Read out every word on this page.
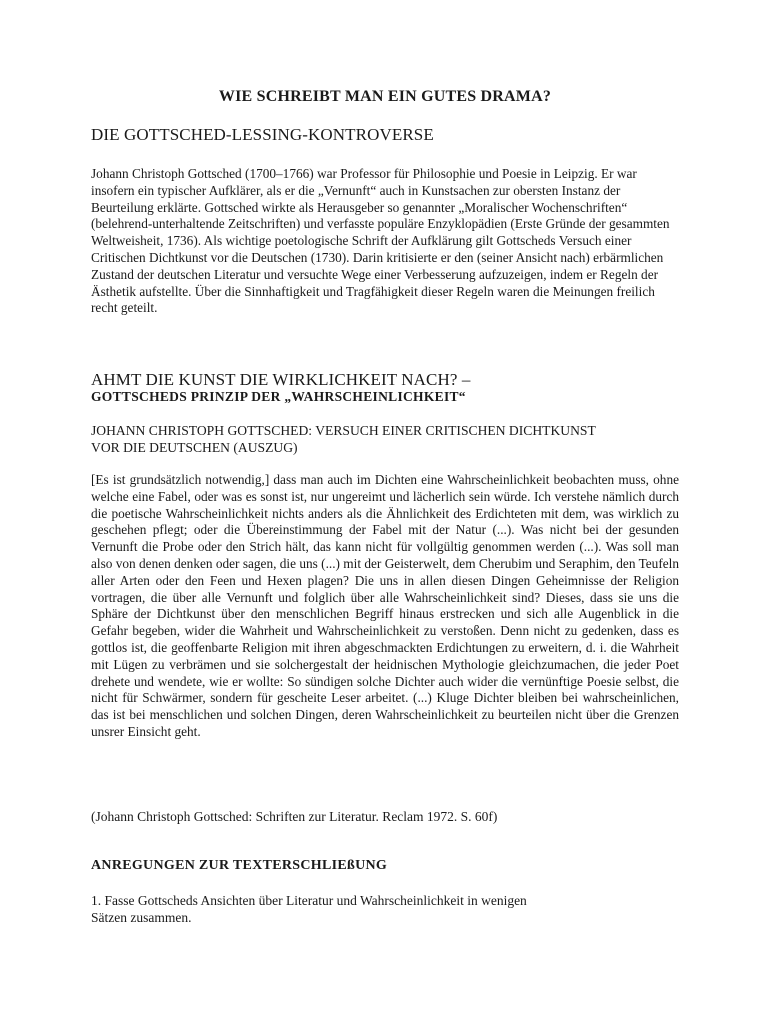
WIE SCHREIBT MAN EIN GUTES DRAMA?
DIE GOTTSCHED-LESSING-KONTROVERSE

Johann Christoph Gottsched (1700–1766) war Professor für Philosophie und Poesie in Leipzig. Er war insofern ein typischer Aufklärer, als er die „Vernunft“ auch in Kunstsachen zur obersten Instanz der Beurteilung erklärte. Gottsched wirkte als Herausgeber so genannter „Moralischer Wochenschriften“ (belehrend-unterhaltende Zeitschriften) und verfasste populäre Enzyklopädien (Erste Gründe der gesammten Weltweisheit, 1736). Als wichtige poetologische Schrift der Aufklärung gilt Gottscheds Versuch einer Critischen Dichtkunst vor die Deutschen (1730). Darin kritisierte er den (seiner Ansicht nach) erbärmlichen Zustand der deutschen Literatur und versuchte Wege einer Verbesserung aufzuzeigen, indem er Regeln der Ästhetik aufstellte. Über die Sinnhaftigkeit und Tragfähigkeit dieser Regeln waren die Meinungen freilich recht geteilt.

AHMT DIE KUNST DIE WIRKLICHKEIT NACH? –
GOTTSCHEDS PRINZIP DER „WAHRSCHEINLICHKEIT“
JOHANN CHRISTOPH GOTTSCHED: VERSUCH EINER CRITISCHEN DICHTKUNST
VOR DIE DEUTSCHEN (AUSZUG)

[Es ist grundsätzlich notwendig,] dass man auch im Dichten eine Wahrscheinlichkeit beobachten muss, ohne welche eine Fabel, oder was es sonst ist, nur ungereimt und lächerlich sein würde. Ich verstehe nämlich durch die poetische Wahrscheinlichkeit nichts anders als die Ähnlichkeit des Erdichteten mit dem, was wirklich zu geschehen pflegt; oder die Übereinstimmung der Fabel mit der Natur (...). Was nicht bei der gesunden Vernunft die Probe oder den Strich hält, das kann nicht für vollgültig genommen werden (...). Was soll man also von denen denken oder sagen, die uns (...) mit der Geisterwelt, dem Cherubim und Seraphim, den Teufeln aller Arten oder den Feen und Hexen plagen? Die uns in allen diesen Dingen Geheimnisse der Religion vortragen, die über alle Vernunft und folglich über alle Wahrscheinlichkeit sind? Dieses, dass sie uns die Sphäre der Dichtkunst über den menschlichen Begriff hinaus erstrecken und sich alle Augenblick in die Gefahr begeben, wider die Wahrheit und Wahrscheinlichkeit zu verstoßen. Denn nicht zu gedenken, dass es gottlos ist, die geoffenbarte Religion mit ihren abgeschmackten Erdichtungen zu erweitern, d. i. die Wahrheit mit Lügen zu verbrämen und sie solchergestalt der heidnischen Mythologie gleichzumachen, die jeder Poet drehete und wendete, wie er wollte: So sündigen solche Dichter auch wider die vernünftige Poesie selbst, die nicht für Schwärmer, sondern für gescheite Leser arbeitet. (...) Kluge Dichter bleiben bei wahrscheinlichen, das ist bei menschlichen und solchen Dingen, deren Wahrscheinlichkeit zu beurteilen nicht über die Grenzen unsrer Einsicht geht.

(Johann Christoph Gottsched: Schriften zur Literatur. Reclam 1972. S. 60f)
ANREGUNGEN ZUR TEXTERSCHLIEßUNG
1. Fasse Gottscheds Ansichten über Literatur und Wahrscheinlichkeit in wenigen
Sätzen zusammen.
